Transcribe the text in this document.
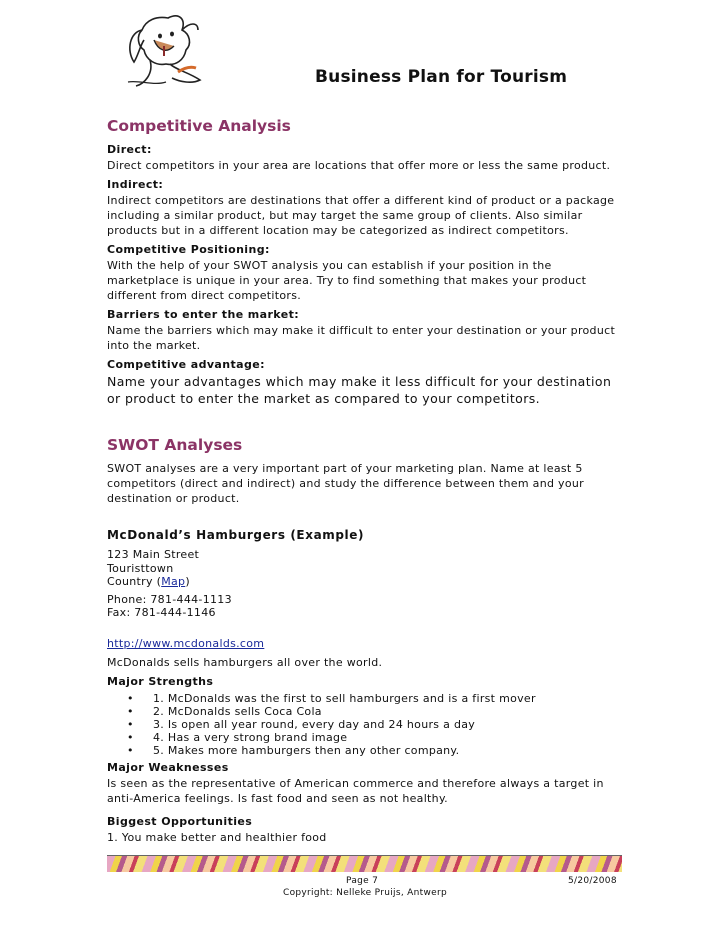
Business Plan for Tourism
Competitive Analysis

Direct:

Direct competitors in your area are locations that offer more or less the same product.

Indirect:

Indirect competitors are destinations that offer a different kind of product or a package including a similar product, but may target the same group of clients. Also similar products but in a different location may be categorized as indirect competitors.

Competitive Positioning:

With the help of your SWOT analysis you can establish if your position in the marketplace is unique in your area. Try to find something that makes your product different from direct competitors.

Barriers to enter the market:

Name the barriers which may make it difficult to enter your destination or your product into the market.

Competitive advantage:

Name your advantages which may make it less difficult for your destination or product to enter the market as compared to your competitors.

SWOT Analyses

SWOT analyses are a very important part of your marketing plan. Name at least 5 competitors (direct and indirect) and study the difference between them and your destination or product.

McDonald’s Hamburgers (Example)

123 Main Street

Touristtown

Country (Map)

Phone: 781-444-1113

Fax: 781-444-1146

http://www.mcdonalds.com

McDonalds sells hamburgers all over the world.

Major Strengths

• 1. McDonalds was the first to sell hamburgers and is a first mover
• 2. McDonalds sells Coca Cola
• 3. Is open all year round, every day and 24 hours a day
• 4. Has a very strong brand image
• 5. Makes more hamburgers then any other company.

Major Weaknesses

Is seen as the representative of American commerce and therefore always a target in anti-America feelings. Is fast food and seen as not healthy.

Biggest Opportunities

1. You make better and healthier food

Page 7	5/20/2008
Copyright: Nelleke Pruijs, Antwerp
